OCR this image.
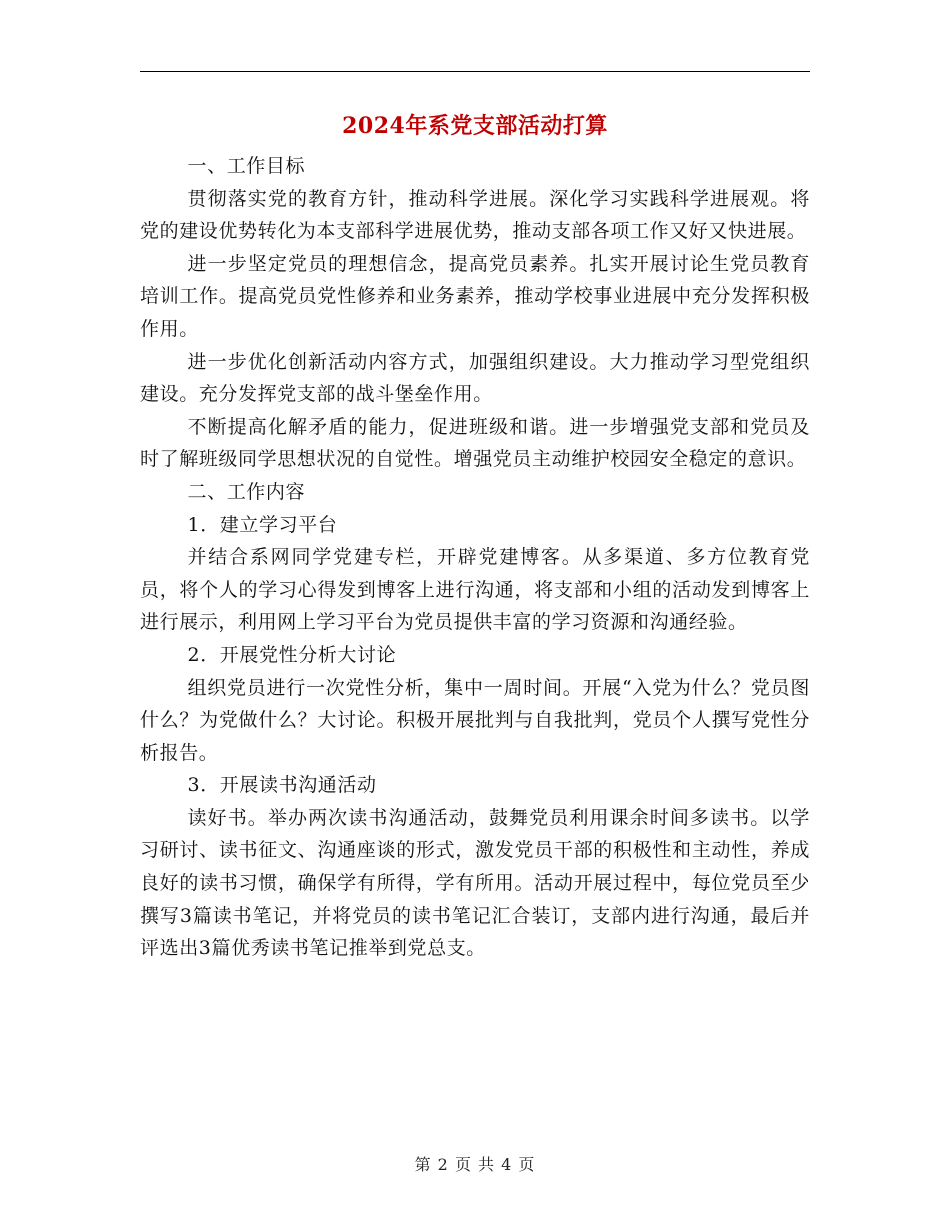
2024年系党支部活动打算

一、工作目标

贯彻落实党的教育方针，推动科学进展。深化学习实践科学进展观。将党的建设优势转化为本支部科学进展优势，推动支部各项工作又好又快进展。

进一步坚定党员的理想信念，提高党员素养。扎实开展讨论生党员教育培训工作。提高党员党性修养和业务素养，推动学校事业进展中充分发挥积极作用。

进一步优化创新活动内容方式，加强组织建设。大力推动学习型党组织建设。充分发挥党支部的战斗堡垒作用。

不断提高化解矛盾的能力，促进班级和谐。进一步增强党支部和党员及时了解班级同学思想状况的自觉性。增强党员主动维护校园安全稳定的意识。

二、工作内容

1．建立学习平台

并结合系网同学党建专栏，开辟党建博客。从多渠道、多方位教育党员，将个人的学习心得发到博客上进行沟通，将支部和小组的活动发到博客上进行展示，利用网上学习平台为党员提供丰富的学习资源和沟通经验。

2．开展党性分析大讨论

组织党员进行一次党性分析，集中一周时间。开展“入党为什么？党员图什么？为党做什么？大讨论。积极开展批判与自我批判，党员个人撰写党性分析报告。

3．开展读书沟通活动

读好书。举办两次读书沟通活动，鼓舞党员利用课余时间多读书。以学习研讨、读书征文、沟通座谈的形式，激发党员干部的积极性和主动性，养成良好的读书习惯，确保学有所得，学有所用。活动开展过程中，每位党员至少撰写3篇读书笔记，并将党员的读书笔记汇合装订，支部内进行沟通，最后并评选出3篇优秀读书笔记推举到党总支。

第 2 页 共 4 页
